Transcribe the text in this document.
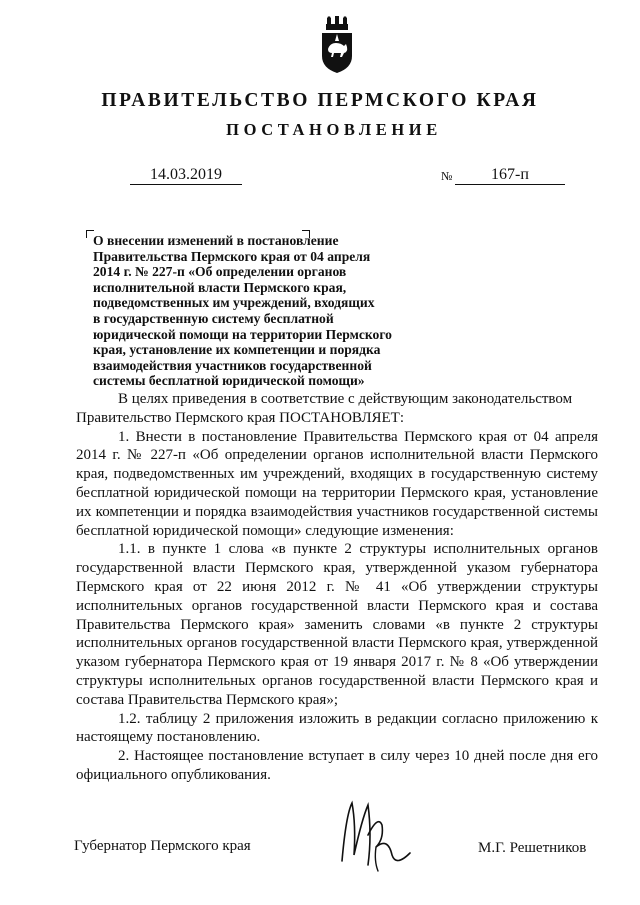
ПРАВИТЕЛЬСТВО ПЕРМСКОГО КРАЯ
ПОСТАНОВЛЕНИЕ
14.03.2019	№	167-п
О внесении изменений в постановление
Правительства Пермского края от 04 апреля
2014 г. № 227-п «Об определении органов
исполнительной власти Пермского края,
подведомственных им учреждений, входящих
в государственную систему бесплатной
юридической помощи на территории Пермского
края, установление их компетенции и порядка
взаимодействия участников государственной
системы бесплатной юридической помощи»

В целях приведения в соответствие с действующим законодательством

Правительство Пермского края ПОСТАНОВЛЯЕТ:

1. Внести в постановление Правительства Пермского края от 04 апреля 2014 г. № 227-п «Об определении органов исполнительной власти Пермского края, подведомственных им учреждений, входящих в государственную систему бесплатной юридической помощи на территории Пермского края, установление их компетенции и порядка взаимодействия участников государственной системы бесплатной юридической помощи» следующие изменения:

1.1. в пункте 1 слова «в пункте 2 структуры исполнительных органов государственной власти Пермского края, утвержденной указом губернатора Пермского края от 22 июня 2012 г. № 41 «Об утверждении структуры исполнительных органов государственной власти Пермского края и состава Правительства Пермского края» заменить словами «в пункте 2 структуры исполнительных органов государственной власти Пермского края, утвержденной указом губернатора Пермского края от 19 января 2017 г. № 8 «Об утверждении структуры исполнительных органов государственной власти Пермского края и состава Правительства Пермского края»;

1.2. таблицу 2 приложения изложить в редакции согласно приложению к настоящему постановлению.

2. Настоящее постановление вступает в силу через 10 дней после дня его официального опубликования.

Губернатор Пермского края	М.Г. Решетников
